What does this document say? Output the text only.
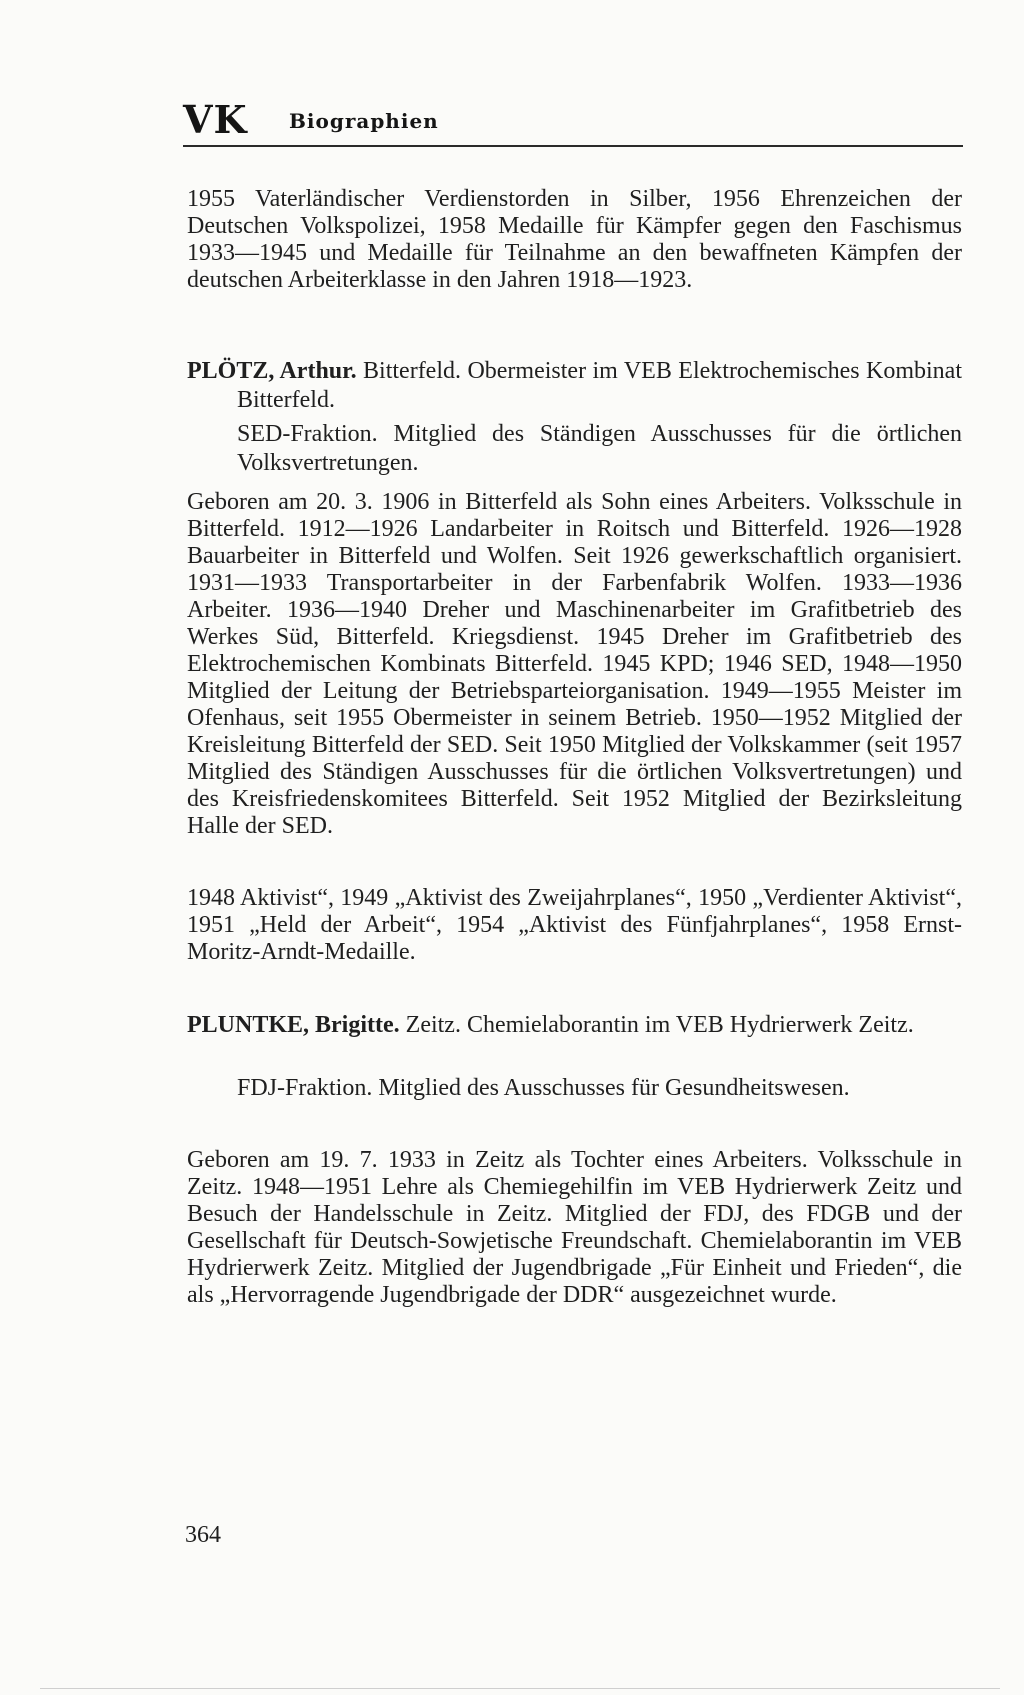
VK Biographien

1955 Vaterländischer Verdienstorden in Silber, 1956 Ehrenzeichen der Deutschen Volkspolizei, 1958 Medaille für Kämpfer gegen den Faschismus 1933—1945 und Medaille für Teilnahme an den bewaffneten Kämpfen der deutschen Arbeiterklasse in den Jahren 1918—1923.

PLÖTZ, Arthur. Bitterfeld. Obermeister im VEB Elektrochemisches Kombinat Bitterfeld.

SED-Fraktion. Mitglied des Ständigen Ausschusses für die örtlichen Volksvertretungen.

Geboren am 20. 3. 1906 in Bitterfeld als Sohn eines Arbeiters. Volksschule in Bitterfeld. 1912—1926 Landarbeiter in Roitsch und Bitterfeld. 1926—1928 Bauarbeiter in Bitterfeld und Wolfen. Seit 1926 gewerkschaftlich organisiert. 1931—1933 Transportarbeiter in der Farbenfabrik Wolfen. 1933—1936 Arbeiter. 1936—1940 Dreher und Maschinenarbeiter im Grafitbetrieb des Werkes Süd, Bitterfeld. Kriegsdienst. 1945 Dreher im Grafitbetrieb des Elektrochemischen Kombinats Bitterfeld. 1945 KPD; 1946 SED, 1948—1950 Mitglied der Leitung der Betriebsparteiorganisation. 1949—1955 Meister im Ofenhaus, seit 1955 Obermeister in seinem Betrieb. 1950—1952 Mitglied der Kreisleitung Bitterfeld der SED. Seit 1950 Mitglied der Volkskammer (seit 1957 Mitglied des Ständigen Ausschusses für die örtlichen Volksvertretungen) und des Kreisfriedenskomitees Bitterfeld. Seit 1952 Mitglied der Bezirksleitung Halle der SED.

1948 Aktivist“, 1949 „Aktivist des Zweijahrplanes“, 1950 „Verdienter Aktivist“, 1951 „Held der Arbeit“, 1954 „Aktivist des Fünfjahrplanes“, 1958 Ernst-Moritz-Arndt-Medaille.

PLUNTKE, Brigitte. Zeitz. Chemielaborantin im VEB Hydrierwerk Zeitz.

FDJ-Fraktion. Mitglied des Ausschusses für Gesundheitswesen.

Geboren am 19. 7. 1933 in Zeitz als Tochter eines Arbeiters. Volksschule in Zeitz. 1948—1951 Lehre als Chemiegehilfin im VEB Hydrierwerk Zeitz und Besuch der Handelsschule in Zeitz. Mitglied der FDJ, des FDGB und der Gesellschaft für Deutsch-Sowjetische Freundschaft. Chemielaborantin im VEB Hydrierwerk Zeitz. Mitglied der Jugendbrigade „Für Einheit und Frieden“, die als „Hervorragende Jugendbrigade der DDR“ ausgezeichnet wurde.

364
